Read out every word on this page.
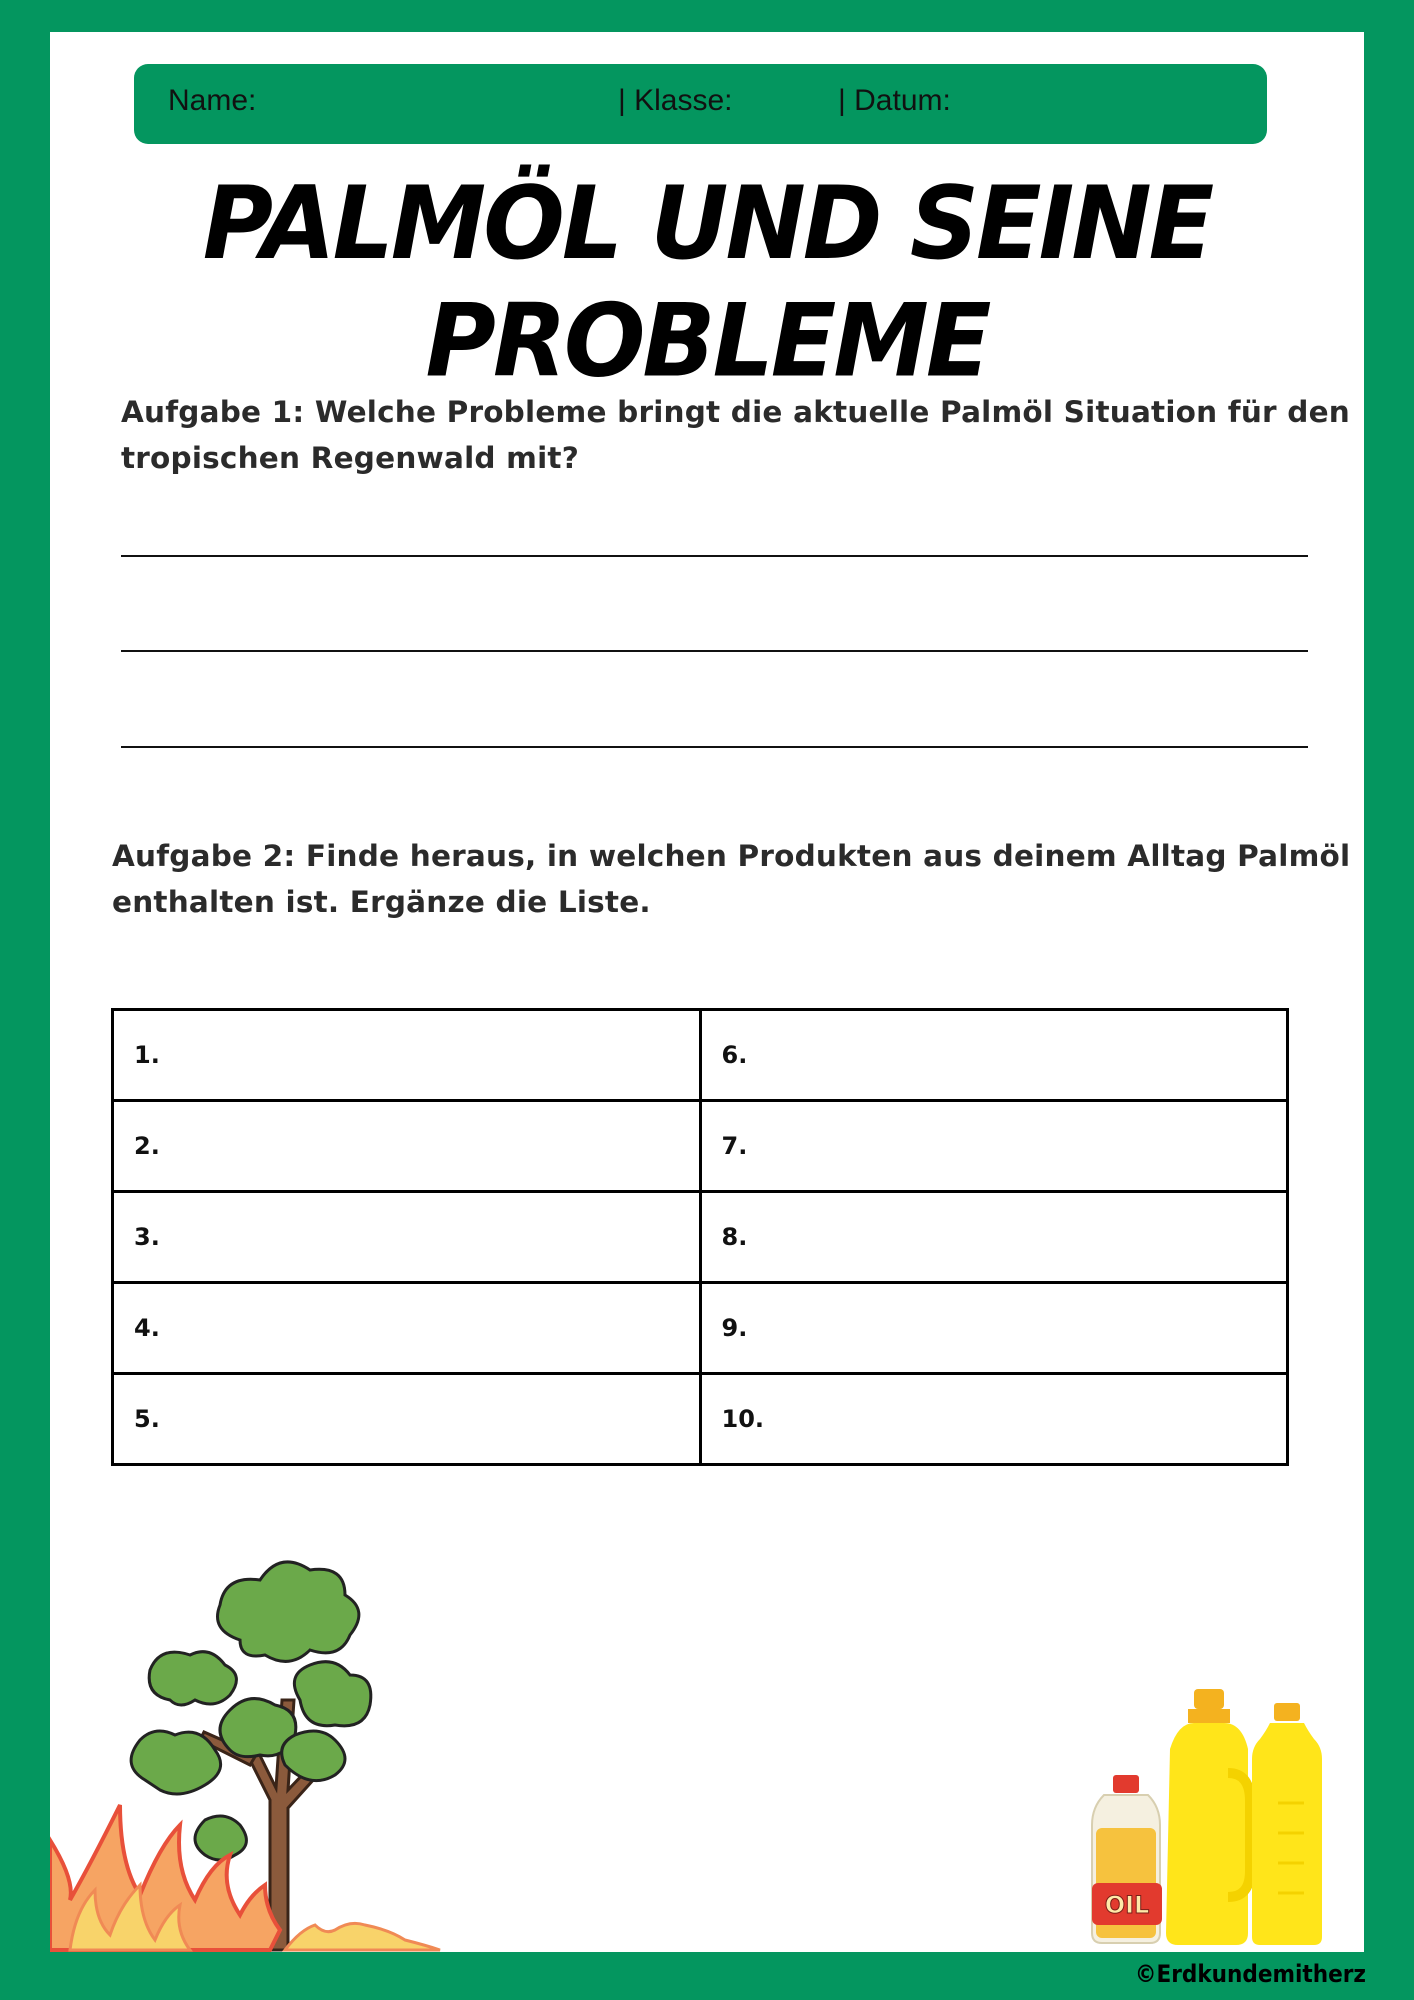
Name:	| Klasse:	| Datum:
PALMÖL UND SEINE PROBLEME
Aufgabe 1: Welche Probleme bringt die aktuelle Palmöl Situation für den
tropischen Regenwald mit?
Aufgabe 2: Finde heraus, in welchen Produkten aus deinem Alltag Palmöl
enthalten ist. Ergänze die Liste.
1.	6.
2.	7.
3.	8.
4.	9.
5.	10.
OIL
©Erdkundemitherz
